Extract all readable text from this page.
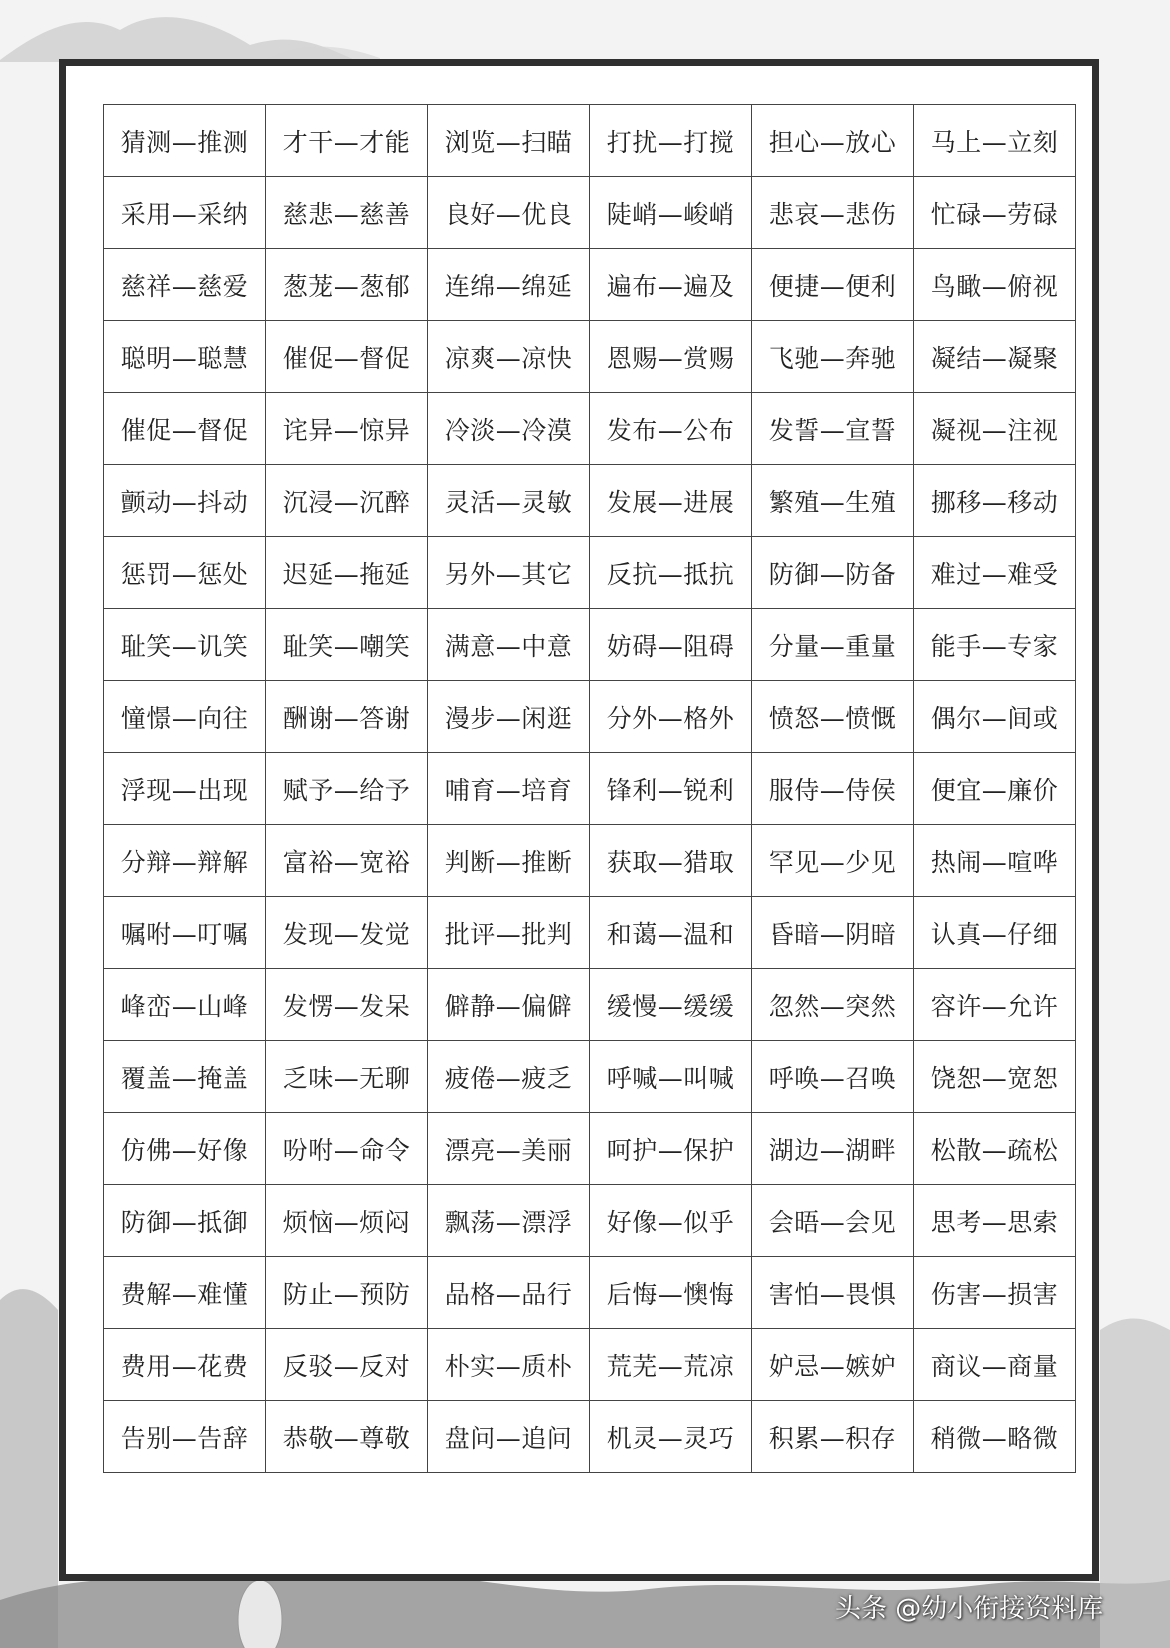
猜测—推测	才干—才能	浏览—扫瞄	打扰—打搅	担心—放心	马上—立刻
采用—采纳	慈悲—慈善	良好—优良	陡峭—峻峭	悲哀—悲伤	忙碌—劳碌
慈祥—慈爱	葱茏—葱郁	连绵—绵延	遍布—遍及	便捷—便利	鸟瞰—俯视
聪明—聪慧	催促—督促	凉爽—凉快	恩赐—赏赐	飞驰—奔驰	凝结—凝聚
催促—督促	诧异—惊异	冷淡—冷漠	发布—公布	发誓—宣誓	凝视—注视
颤动—抖动	沉浸—沉醉	灵活—灵敏	发展—进展	繁殖—生殖	挪移—移动
惩罚—惩处	迟延—拖延	另外—其它	反抗—抵抗	防御—防备	难过—难受
耻笑—讥笑	耻笑—嘲笑	满意—中意	妨碍—阻碍	分量—重量	能手—专家
憧憬—向往	酬谢—答谢	漫步—闲逛	分外—格外	愤怒—愤慨	偶尔—间或
浮现—出现	赋予—给予	哺育—培育	锋利—锐利	服侍—侍侯	便宜—廉价
分辩—辩解	富裕—宽裕	判断—推断	获取—猎取	罕见—少见	热闹—喧哗
嘱咐—叮嘱	发现—发觉	批评—批判	和蔼—温和	昏暗—阴暗	认真—仔细
峰峦—山峰	发愣—发呆	僻静—偏僻	缓慢—缓缓	忽然—突然	容许—允许
覆盖—掩盖	乏味—无聊	疲倦—疲乏	呼喊—叫喊	呼唤—召唤	饶恕—宽恕
仿佛—好像	吩咐—命令	漂亮—美丽	呵护—保护	湖边—湖畔	松散—疏松
防御—抵御	烦恼—烦闷	飘荡—漂浮	好像—似乎	会晤—会见	思考—思索
费解—难懂	防止—预防	品格—品行	后悔—懊悔	害怕—畏惧	伤害—损害
费用—花费	反驳—反对	朴实—质朴	荒芜—荒凉	妒忌—嫉妒	商议—商量
告别—告辞	恭敬—尊敬	盘问—追问	机灵—灵巧	积累—积存	稍微—略微
头条 @幼小衔接资料库
